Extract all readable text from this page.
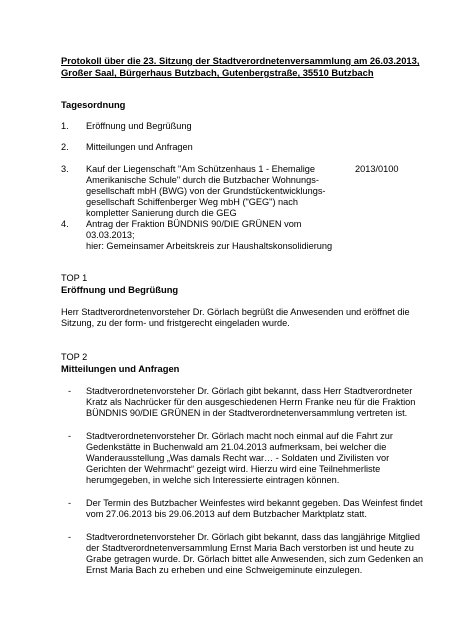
Protokoll über die 23. Sitzung der Stadtverordnetenversammlung am 26.03.2013,
Großer Saal, Bürgerhaus Butzbach, Gutenbergstraße, 35510 Butzbach
Tagesordnung
1. Eröffnung und Begrüßung
2. Mitteilungen und Anfragen
3. Kauf der Liegenschaft "Am Schützenhaus 1 - Ehemalige
Amerikanische Schule" durch die Butzbacher Wohnungs-
gesellschaft mbH (BWG) von der Grundstückentwicklungs-
gesellschaft Schiffenberger Weg mbH ("GEG") nach
kompletter Sanierung durch die GEG
2013/0100
4. Antrag der Fraktion BÜNDNIS 90/DIE GRÜNEN vom
03.03.2013;
hier: Gemeinsamer Arbeitskreis zur Haushaltskonsolidierung
TOP 1
Eröffnung und Begrüßung
Herr Stadtverordnetenvorsteher Dr. Görlach begrüßt die Anwesenden und eröffnet die
Sitzung, zu der form- und fristgerecht eingeladen wurde.
TOP 2
Mitteilungen und Anfragen
- Stadtverordnetenvorsteher Dr. Görlach gibt bekannt, dass Herr Stadtverordneter
Kratz als Nachrücker für den ausgeschiedenen Herrn Franke neu für die Fraktion
BÜNDNIS 90/DIE GRÜNEN in der Stadtverordnetenversammlung vertreten ist.
- Stadtverordnetenvorsteher Dr. Görlach macht noch einmal auf die Fahrt zur
Gedenkstätte in Buchenwald am 21.04.2013 aufmerksam, bei welcher die
Wanderausstellung „Was damals Recht war… - Soldaten und Zivilisten vor
Gerichten der Wehrmacht“ gezeigt wird. Hierzu wird eine Teilnehmerliste
herumgegeben, in welche sich Interessierte eintragen können.
- Der Termin des Butzbacher Weinfestes wird bekannt gegeben. Das Weinfest findet
vom 27.06.2013 bis 29.06.2013 auf dem Butzbacher Marktplatz statt.
- Stadtverordnetenvorsteher Dr. Görlach gibt bekannt, dass das langjährige Mitglied
der Stadtverordnetenversammlung Ernst Maria Bach verstorben ist und heute zu
Grabe getragen wurde. Dr. Görlach bittet alle Anwesenden, sich zum Gedenken an
Ernst Maria Bach zu erheben und eine Schweigeminute einzulegen.
